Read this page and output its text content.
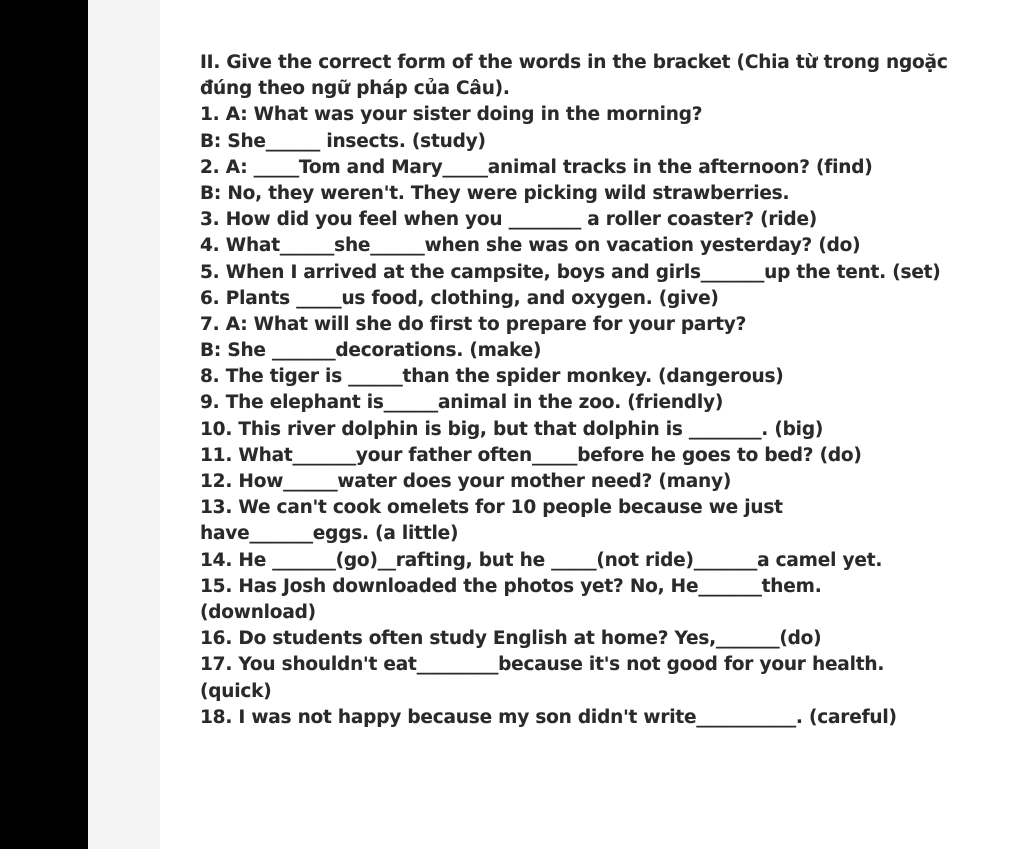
II. Give the correct form of the words in the bracket (Chia từ trong ngoặc
đúng theo ngữ pháp của Câu).
1. A: What was your sister doing in the morning?
B: She______ insects. (study)
2. A: _____Tom and Mary_____animal tracks in the afternoon? (find)
B: No, they weren't. They were picking wild strawberries.
3. How did you feel when you ________ a roller coaster? (ride)
4. What______she______when she was on vacation yesterday? (do)
5. When I arrived at the campsite, boys and girls_______up the tent. (set)
6. Plants _____us food, clothing, and oxygen. (give)
7. A: What will she do first to prepare for your party?
B: She _______decorations. (make)
8. The tiger is ______than the spider monkey. (dangerous)
9. The elephant is______animal in the zoo. (friendly)
10. This river dolphin is big, but that dolphin is ________. (big)
11. What_______your father often_____before he goes to bed? (do)
12. How______water does your mother need? (many)
13. We can't cook omelets for 10 people because we just
have_______eggs. (a little)
14. He _______(go)__rafting, but he _____(not ride)_______a camel yet.
15. Has Josh downloaded the photos yet? No, He_______them.
(download)
16. Do students often study English at home? Yes,_______(do)
17. You shouldn't eat_________because it's not good for your health.
(quick)
18. I was not happy because my son didn't write___________. (careful)
